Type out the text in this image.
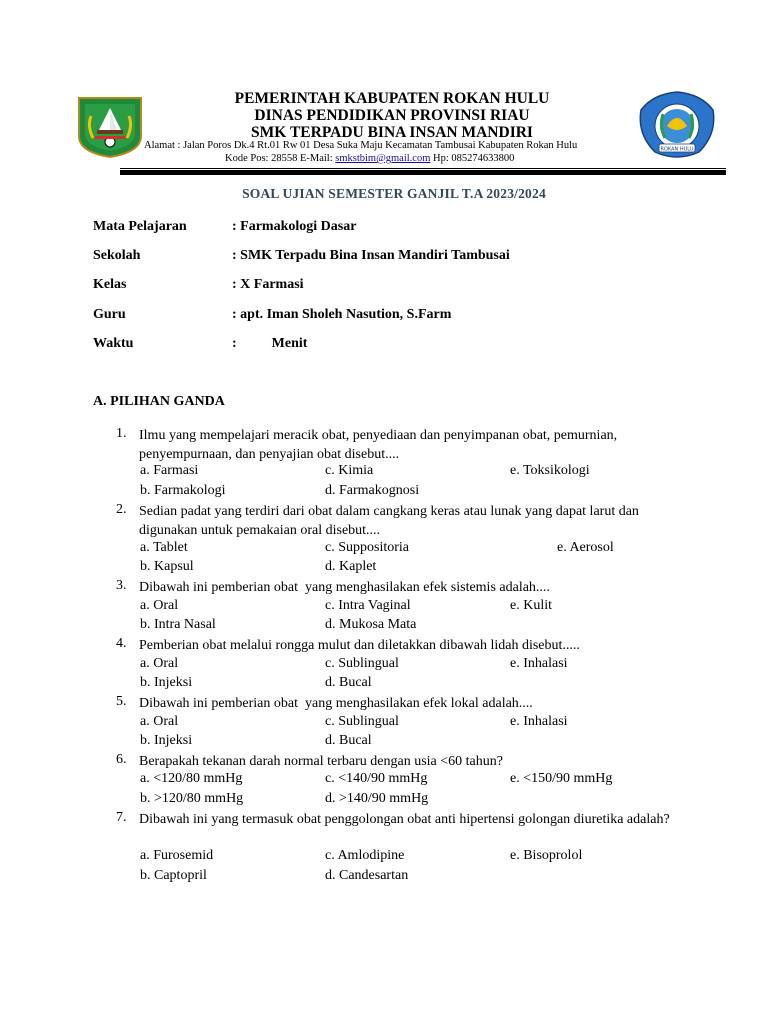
ROKAN HULU
PEMERINTAH KABUPATEN ROKAN HULU
DINAS PENDIDIKAN PROVINSI RIAU
SMK TERPADU BINA INSAN MANDIRI
Alamat : Jalan Poros Dk.4 Rt.01 Rw 01 Desa Suka Maju Kecamatan Tambusai Kabupaten Rokan Hulu
Kode Pos: 28558 E-Mail: smkstbim@gmail.com Hp: 085274633800
SOAL UJIAN SEMESTER GANJIL T.A 2023/2024
Mata Pelajaran	: Farmakologi Dasar
Sekolah	: SMK Terpadu Bina Insan Mandiri Tambusai
Kelas	: X Farmasi
Guru	: apt. Iman Sholeh Nasution, S.Farm
Waktu	:          Menit
A. PILIHAN GANDA
1. Ilmu yang mempelajari meracik obat, penyediaan dan penyimpanan obat, pemurnian, penyempurnaan, dan penyajian obat disebut....
a. Farmasi	c. Kimia	e. Toksikologi
b. Farmakologi	d. Farmakognosi
2. Sedian padat yang terdiri dari obat dalam cangkang keras atau lunak yang dapat larut dan digunakan untuk pemakaian oral disebut....
a. Tablet	c. Suppositoria	e. Aerosol
b. Kapsul	d. Kaplet
3. Dibawah ini pemberian obat  yang menghasilakan efek sistemis adalah....
a. Oral	c. Intra Vaginal	e. Kulit
b. Intra Nasal	d. Mukosa Mata
4. Pemberian obat melalui rongga mulut dan diletakkan dibawah lidah disebut.....
a. Oral	c. Sublingual	e. Inhalasi
b. Injeksi	d. Bucal
5. Dibawah ini pemberian obat  yang menghasilakan efek lokal adalah....
a. Oral	c. Sublingual	e. Inhalasi
b. Injeksi	d. Bucal
6. Berapakah tekanan darah normal terbaru dengan usia <60 tahun?
a. <120/80 mmHg	c. <140/90 mmHg	e. <150/90 mmHg
b. >120/80 mmHg	d. >140/90 mmHg
7. Dibawah ini yang termasuk obat penggolongan obat anti hipertensi golongan diuretika adalah?
a. Furosemid	c. Amlodipine	e. Bisoprolol
b. Captopril	d. Candesartan
